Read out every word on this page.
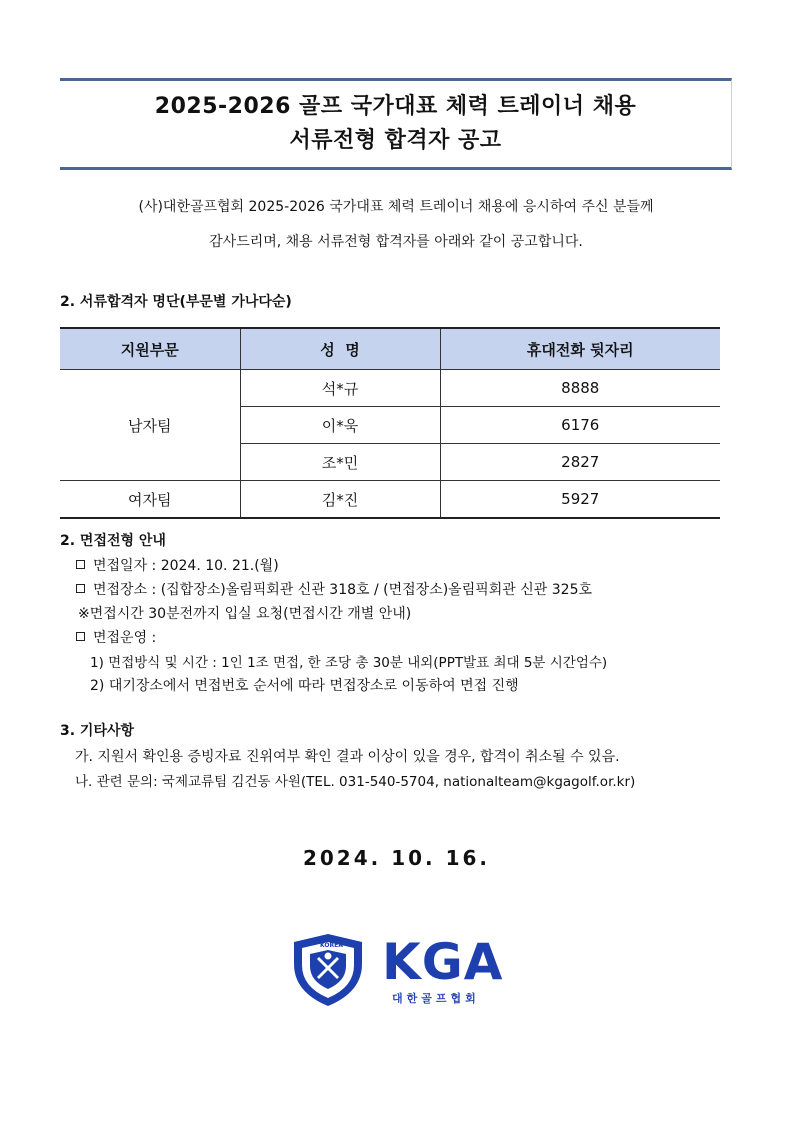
2025-2026 골프 국가대표 체력 트레이너 채용
서류전형 합격자 공고
(사)대한골프협회 2025-2026 국가대표 체력 트레이너 채용에 응시하여 주신 분들께
감사드리며, 채용 서류전형 합격자를 아래와 같이 공고합니다.
2. 서류합격자 명단(부문별 가나다순)
지원부문	성  명	휴대전화 뒷자리
남자팀	석*규	8888
	이*욱	6176
	조*민	2827
여자팀	김*진	5927
2. 면접전형 안내
면접일자 : 2024. 10. 21.(월)
면접장소 : (집합장소)올림픽회관 신관 318호 / (면접장소)올림픽회관 신관 325호
※면접시간 30분전까지 입실 요청(면접시간 개별 안내)
면접운영 :
1) 면접방식 및 시간 : 1인 1조 면접, 한 조당 총 30분 내외(PPT발표 최대 5분 시간엄수)
2) 대기장소에서 면접번호 순서에 따라 면접장소로 이동하여 면접 진행
3. 기타사항
가. 지원서 확인용 증빙자료 진위여부 확인 결과 이상이 있을 경우, 합격이 취소될 수 있음.
나. 관련 문의: 국제교류팀 김건동 사원(TEL. 031-540-5704, nationalteam@kgagolf.or.kr)
2024. 10. 16.
KOREA KGA
대한골프협회
